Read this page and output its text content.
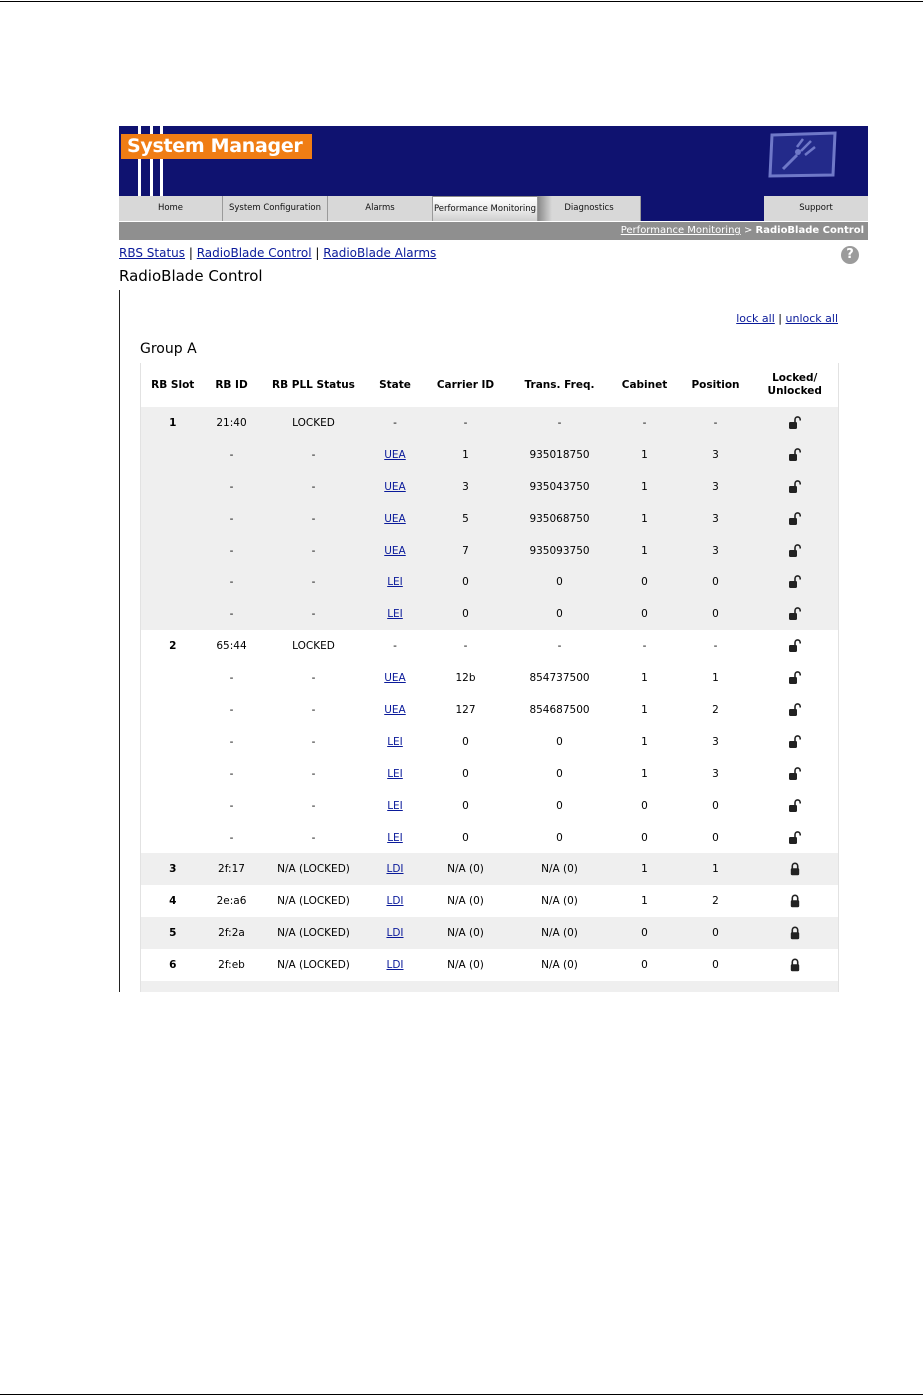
System Manager
Home	System Configuration	Alarms	Performance Monitoring	Diagnostics	Support
Performance Monitoring > RadioBlade Control
RBS Status | RadioBlade Control | RadioBlade Alarms	?
RadioBlade Control
lock all | unlock all
Group A
RB Slot	RB ID	RB PLL Status	State	Carrier ID	Trans. Freq.	Cabinet	Position	Locked/ Unlocked
1	21:40	LOCKED	-	-	-	-	-	
	-	-	UEA	1	935018750	1	3	
	-	-	UEA	3	935043750	1	3	
	-	-	UEA	5	935068750	1	3	
	-	-	UEA	7	935093750	1	3	
	-	-	LEI	0	0	0	0	
	-	-	LEI	0	0	0	0	
2	65:44	LOCKED	-	-	-	-	-	
	-	-	UEA	12b	854737500	1	1	
	-	-	UEA	127	854687500	1	2	
	-	-	LEI	0	0	1	3	
	-	-	LEI	0	0	1	3	
	-	-	LEI	0	0	0	0	
	-	-	LEI	0	0	0	0	
3	2f:17	N/A (LOCKED)	LDI	N/A (0)	N/A (0)	1	1	
4	2e:a6	N/A (LOCKED)	LDI	N/A (0)	N/A (0)	1	2	
5	2f:2a	N/A (LOCKED)	LDI	N/A (0)	N/A (0)	0	0	
6	2f:eb	N/A (LOCKED)	LDI	N/A (0)	N/A (0)	0	0	
